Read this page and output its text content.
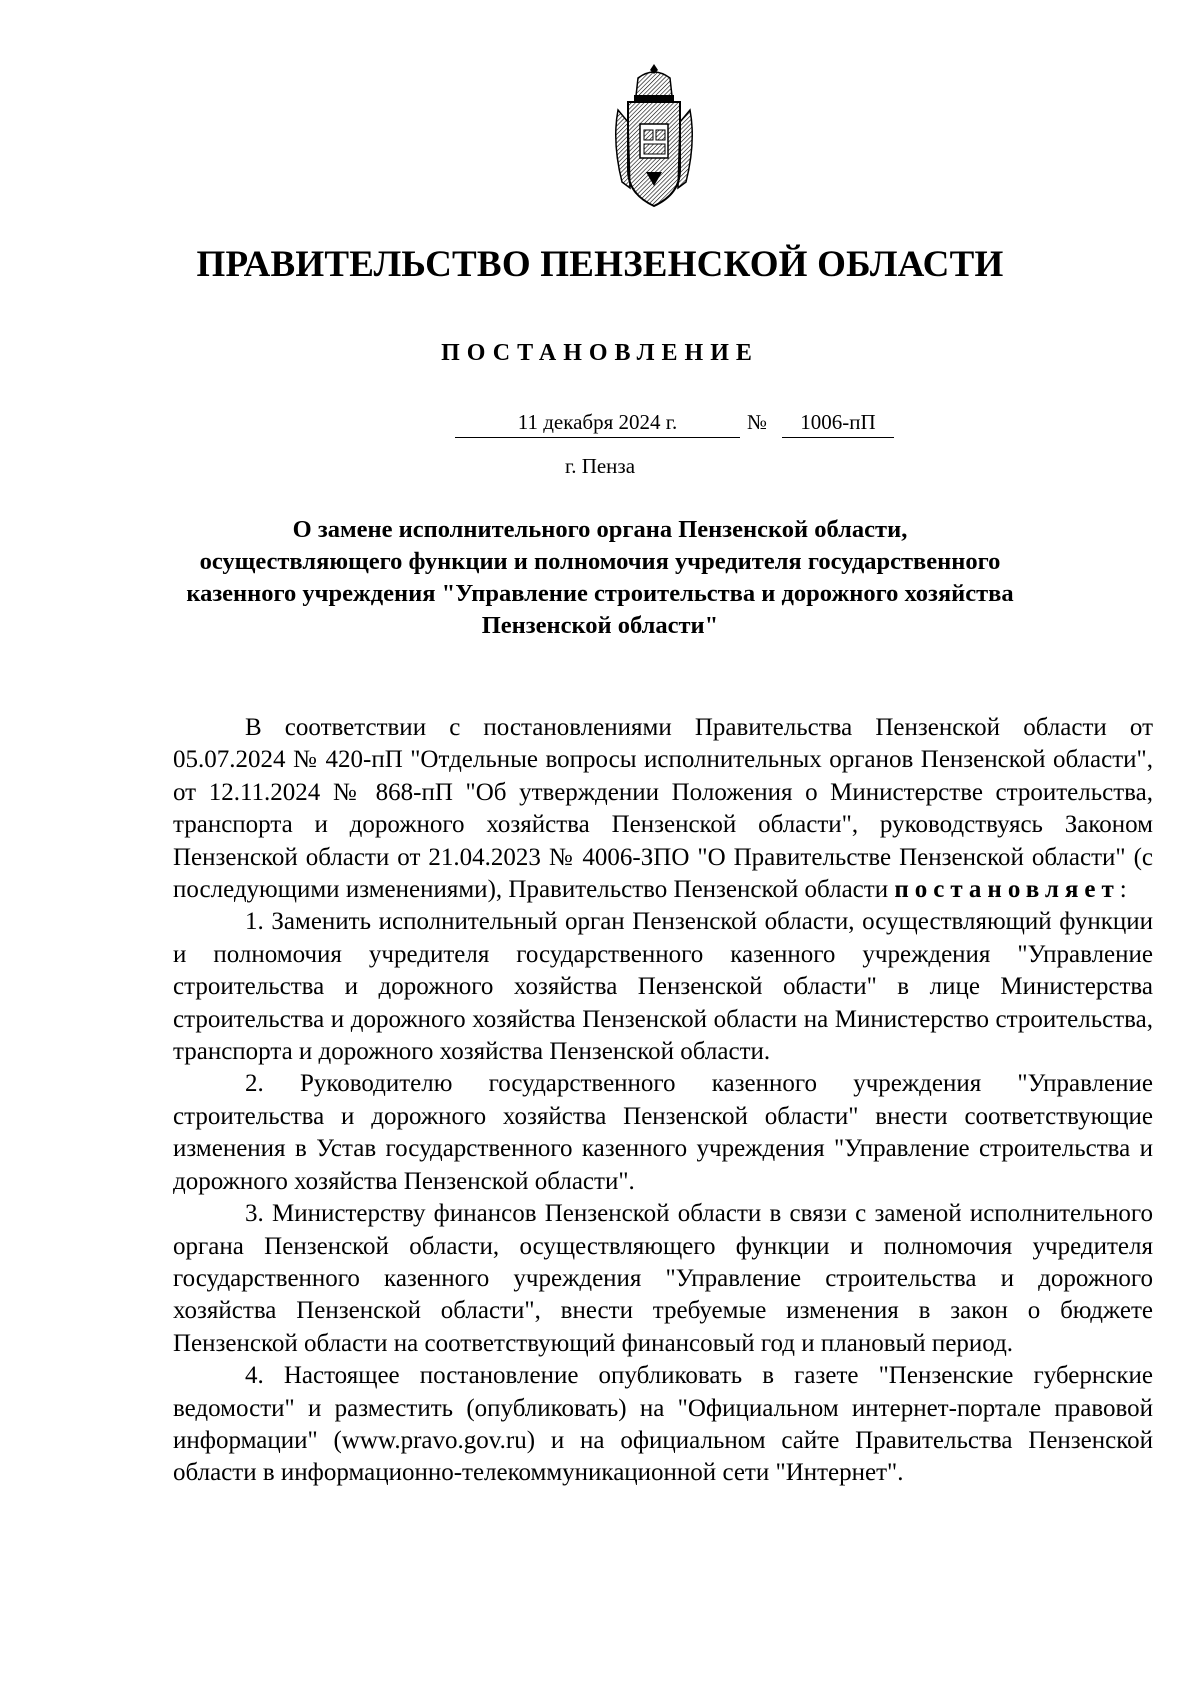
ПРАВИТЕЛЬСТВО ПЕНЗЕНСКОЙ ОБЛАСТИ
ПОСТАНОВЛЕНИЕ
11 декабря 2024 г.	№	1006-пП
г. Пенза
О замене исполнительного органа Пензенской области,
осуществляющего функции и полномочия учредителя государственного
казенного учреждения "Управление строительства и дорожного хозяйства
Пензенской области"

В соответствии с постановлениями Правительства Пензенской области от 05.07.2024 № 420-пП "Отдельные вопросы исполнительных органов Пензенской области", от 12.11.2024 № 868-пП "Об утверждении Положения о Министерстве строительства, транспорта и дорожного хозяйства Пензенской области", руководствуясь Законом Пензенской области от 21.04.2023 № 4006-ЗПО "О Правительстве Пензенской области" (с последующими изменениями), Правительство Пензенской области постановляет:

1. Заменить исполнительный орган Пензенской области, осуществляющий функции и полномочия учредителя государственного казенного учреждения "Управление строительства и дорожного хозяйства Пензенской области" в лице Министерства строительства и дорожного хозяйства Пензенской области на Министерство строительства, транспорта и дорожного хозяйства Пензенской области.

2. Руководителю государственного казенного учреждения "Управление строительства и дорожного хозяйства Пензенской области" внести соответствующие изменения в Устав государственного казенного учреждения "Управление строительства и дорожного хозяйства Пензенской области".

3. Министерству финансов Пензенской области в связи с заменой исполнительного органа Пензенской области, осуществляющего функции и полномочия учредителя государственного казенного учреждения "Управление строительства и дорожного хозяйства Пензенской области", внести требуемые изменения в закон о бюджете Пензенской области на соответствующий финансовый год и плановый период.

4. Настоящее постановление опубликовать в газете "Пензенские губернские ведомости" и разместить (опубликовать) на "Официальном интернет-портале правовой информации" (www.pravo.gov.ru) и на официальном сайте Правительства Пензенской области в информационно-телекоммуникационной сети "Интернет".
